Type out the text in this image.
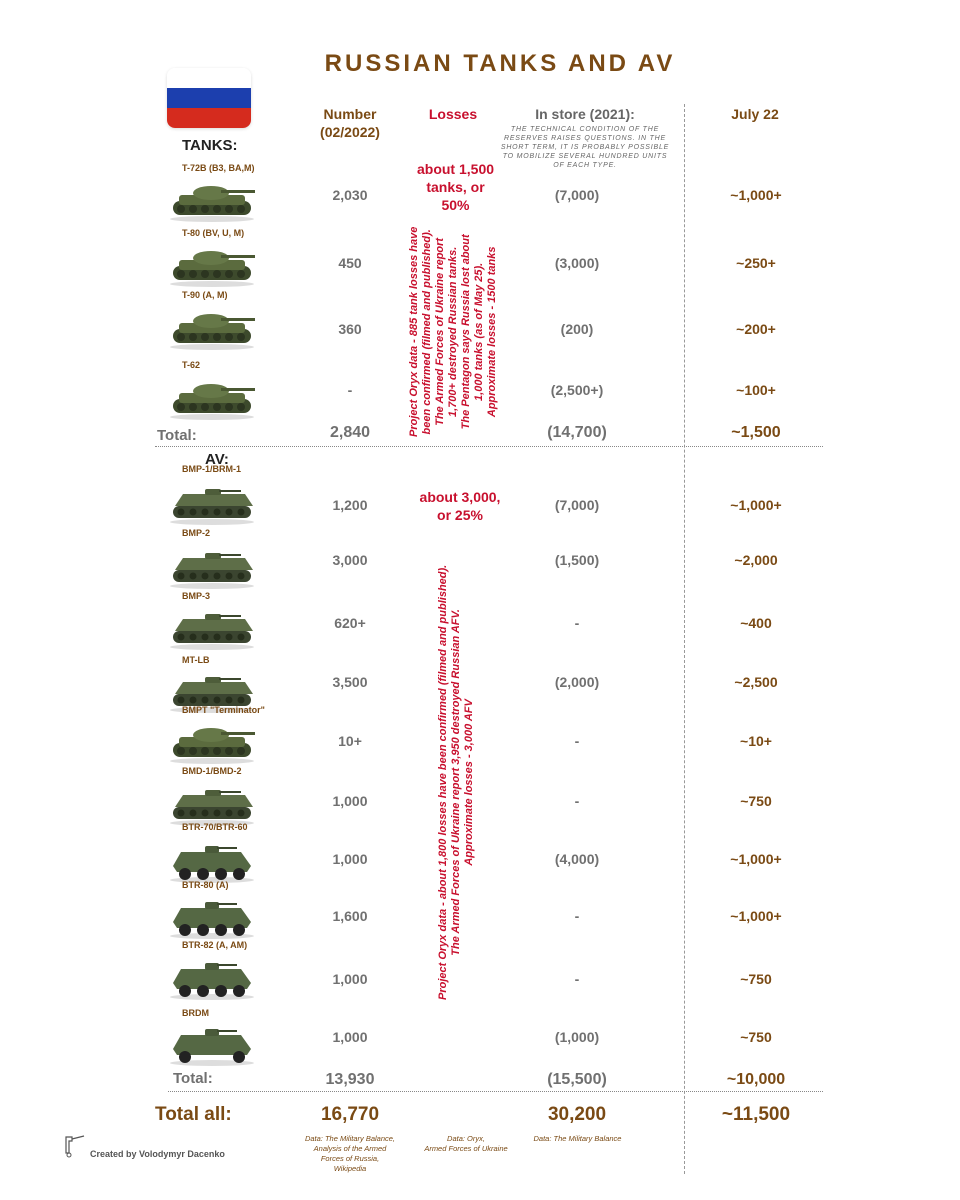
RUSSIAN TANKS AND AV
Number
(02/2022)
Losses	In store (2021):
THE TECHNICAL CONDITION OF THE RESERVES RAISES QUESTIONS. IN THE SHORT TERM, IT IS PROBABLY POSSIBLE TO MOBILIZE SEVERAL HUNDRED UNITS OF EACH TYPE.
July 22
TANKS:
AV:
T-72B (B3, BA,M)
2,030	(7,000)	~1,000+
T-80 (BV, U, M)
450	(3,000)	~250+
T-90 (A, M)
360	(200)	~200+
T-62
-	(2,500+)	~100+
BMP-1/BRM-1
1,200	(7,000)	~1,000+
BMP-2
3,000	(1,500)	~2,000
BMP-3
620+	-	~400
MT-LB
3,500	(2,000)	~2,500
BMPT "Terminator"
10+	-	~10+
BMD-1/BMD-2
1,000	-	~750
BTR-70/BTR-60
1,000	(4,000)	~1,000+
BTR-80 (A)
1,600	-	~1,000+
BTR-82 (A, AM)
1,000	-	~750
BRDM
1,000	(1,000)	~750
about 1,500
tanks, or
50%
Project Oryx data - 885 tank losses have been confirmed (filmed and published). The Armed Forces of Ukraine report 1,700+ destroyed Russian tanks. The Pentagon says Russia lost about 1,000 tanks (as of May 25). Approximate losses - 1500 tanks
about 3,000,
or 25%
Project Oryx data - about 1,800 losses have been confirmed (filmed and published). The Armed Forces of Ukraine report 3,950 destroyed Russian AFV. Approximate losses - 3,000 AFV
Total:	2,840	(14,700)	~1,500
Total:	13,930	(15,500)	~10,000
Total all:	16,770	30,200	~11,500
Data: The Military Balance,
Analysis of the Armed
Forces of Russia,
Wikipedia
Data: Oryx,
Armed Forces of Ukraine
Data: The Military Balance
Created by Volodymyr Dacenko
